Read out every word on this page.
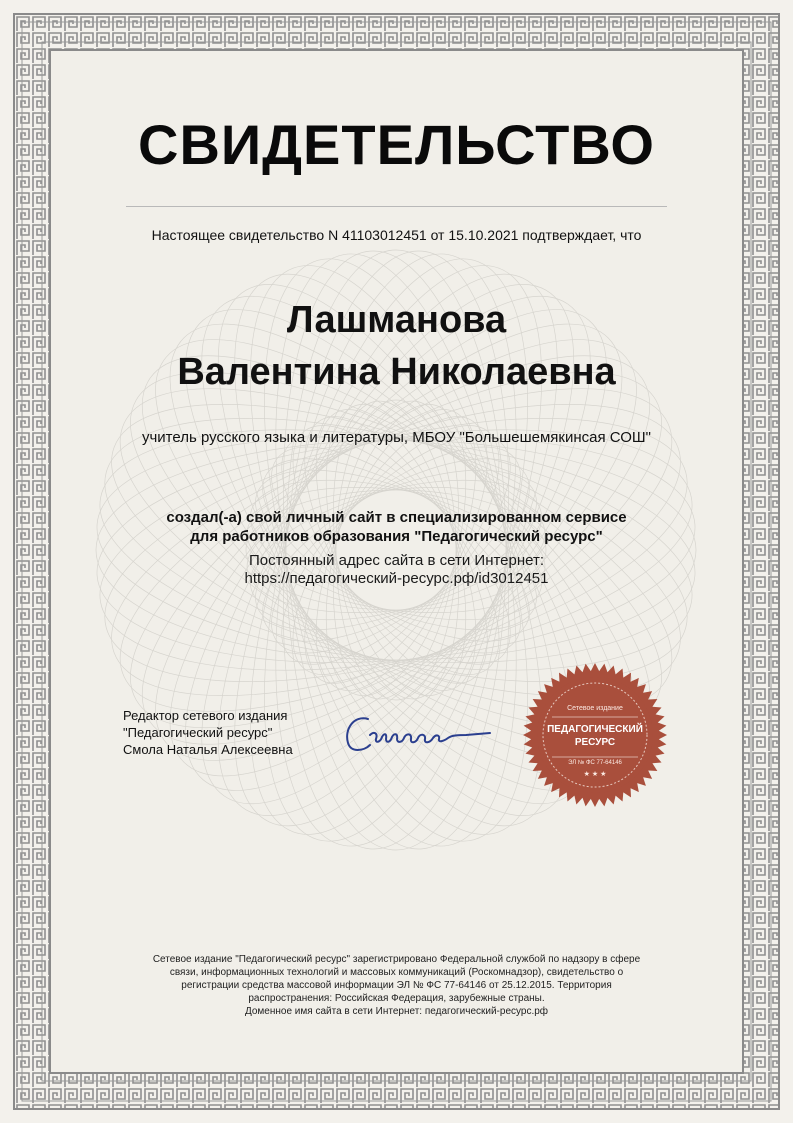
СВИДЕТЕЛЬСТВО
Настоящее свидетельство N 41103012451 от 15.10.2021 подтверждает, что
Лашманова
Валентина Николаевна
учитель русского языка и литературы, МБОУ "Большешемякинсая СОШ"
создал(-а) свой личный сайт в специализированном сервисе
для работников образования "Педагогический ресурс"
Постоянный адрес сайта в сети Интернет:
https://педагогический-ресурс.рф/id3012451
Редактор сетевого издания
"Педагогический ресурс"
Смола Наталья Алексеевна
Сетевое издание
ПЕДАГОГИЧЕСКИЙ
РЕСУРС
ЭЛ № ФС 77-64146
★ ★ ★
Сетевое издание "Педагогический ресурс" зарегистрировано Федеральной службой по надзору в сфере
связи, информационных технологий и массовых коммуникаций (Роскомнадзор), свидетельство о
регистрации средства массовой информации ЭЛ № ФС 77-64146 от 25.12.2015. Территория
распространения: Российская Федерация, зарубежные страны.
Доменное имя сайта в сети Интернет: педагогический-ресурс.рф
